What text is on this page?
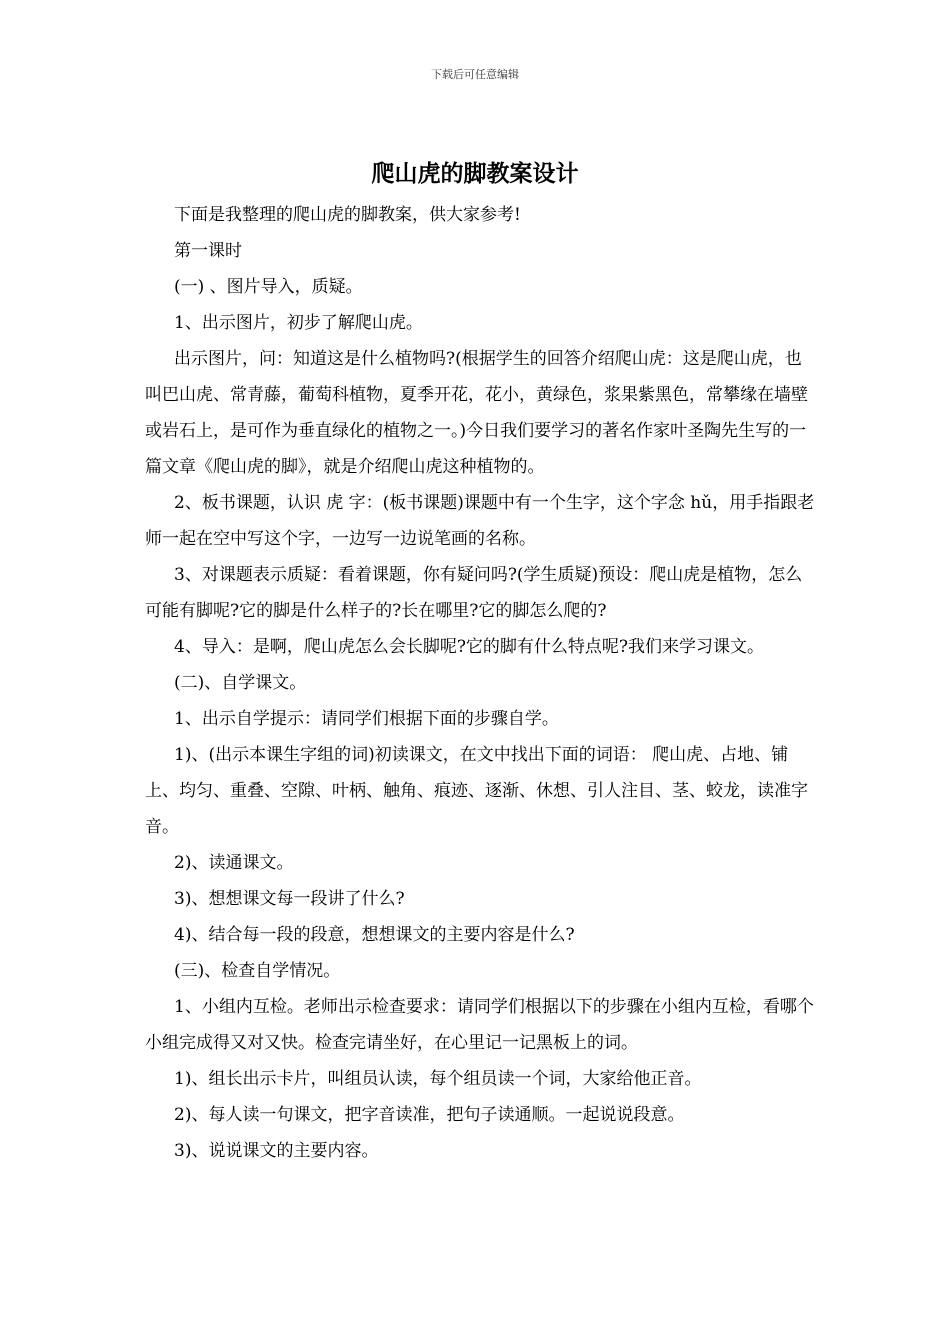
下载后可任意编辑
爬山虎的脚教案设计

下面是我整理的爬山虎的脚教案，供大家参考!

第一课时

(一) 、图片导入，质疑。

1、出示图片，初步了解爬山虎。

出示图片，问：知道这是什么植物吗?(根据学生的回答介绍爬山虎：这是爬山虎，也叫巴山虎、常青藤，葡萄科植物，夏季开花，花小，黄绿色，浆果紫黑色，常攀缘在墙壁或岩石上，是可作为垂直绿化的植物之一。)今日我们要学习的著名作家叶圣陶先生写的一篇文章《爬山虎的脚》，就是介绍爬山虎这种植物的。

2、板书课题，认识 虎 字：(板书课题)课题中有一个生字，这个字念 hǔ，用手指跟老师一起在空中写这个字，一边写一边说笔画的名称。

3、对课题表示质疑：看着课题，你有疑问吗?(学生质疑)预设：爬山虎是植物，怎么可能有脚呢?它的脚是什么样子的?长在哪里?它的脚怎么爬的?

4、导入：是啊，爬山虎怎么会长脚呢?它的脚有什么特点呢?我们来学习课文。

(二)、自学课文。

1、出示自学提示：请同学们根据下面的步骤自学。

1)、(出示本课生字组的词)初读课文，在文中找出下面的词语： 爬山虎、占地、铺上、均匀、重叠、空隙、叶柄、触角、痕迹、逐渐、休想、引人注目、茎、蛟龙，读准字音。

2)、读通课文。

3)、想想课文每一段讲了什么?

4)、结合每一段的段意，想想课文的主要内容是什么?

(三)、检查自学情况。

1、小组内互检。老师出示检查要求：请同学们根据以下的步骤在小组内互检，看哪个小组完成得又对又快。检查完请坐好，在心里记一记黑板上的词。

1)、组长出示卡片，叫组员认读，每个组员读一个词，大家给他正音。

2)、每人读一句课文，把字音读准，把句子读通顺。一起说说段意。

3)、说说课文的主要内容。
